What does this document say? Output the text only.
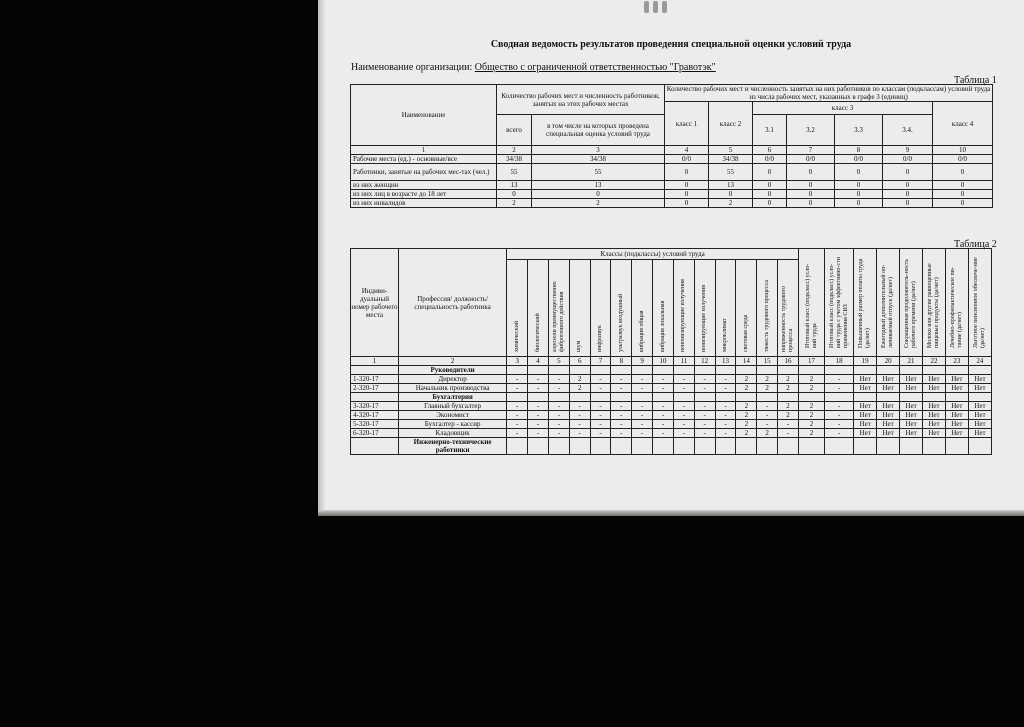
Сводная ведомость результатов проведения специальной оценки условий труда
Наименование организации: Общество с ограниченной ответственностью "Гравотэк"
Таблица 1
Наименование	Количество рабочих мест и численность работников, занятых на этих рабочих местах		Количество рабочих мест и численность занятых на них работников по классам (подклассам) условий труда из числа рабочих мест, указанных в графе 3 (единиц)						
			класс 1	класс 2	класс 3				класс 4
	всего	в том числе на которых проведена специальная оценка условий труда			3.1	3.2	3.3	3.4.	
1	2	3	4	5	6	7	8	9	10
Рабочие места (ед.) - основные/все	34/38	34/38	0/0	34/38	0/0	0/0	0/0	0/0	0/0
Работники, занятые на рабочих мес-тах (чел.)	55	55	0	55	0	0	0	0	0
из них женщин	13	13	0	13	0	0	0	0	0
из них лиц в возрасте до 18 лет	0	0	0	0	0	0	0	0	0
из них инвалидов	2	2	0	2	0	0	0	0	0
Таблица 2
Индиви-дуальный номер рабочего места	Профессия/ должность/ специальность работника	Классы (подклассы) условий труда														Итоговый класс (подкласс) усло-вий труда	Итоговый класс (подкласс) усло-вий труда с учетом эффективно-сти применения СИЗ	Повышенный размер оплаты труда (да/нет)	Ежегодный дополнительный оп-лачиваемый отпуск (да/нет)	Сокращенная продолжитель-ность рабочего времени (да/нет)	Молоко или другие равноценные пищевые продукты (да/нет)	Лечебно-профилактическое пи-тание (да/нет)	Льготное пенсионное обеспече-ние (да/нет)
		химический	биологический	аэрозоли преимущественно фиброгенного действия	шум	инфразвук	ультразвук воздушный	вибрация общая	вибрация локальная	неионизирующие излучения	ионизирующие излучения	микроклимат	световая среда	тяжесть трудового процесса	напряженность трудового процесса								
1	2	3	4	5	6	7	8	9	10	11	12	13	14	15	16	17	18	19	20	21	22	23	24
	Руководители																						
1-320-17	Директор	-	-	-	2	-	-	-	-	-	-	-	2	2	2	2	-	Нет	Нет	Нет	Нет	Нет	Нет
2-320-17	Начальник производства	-	-	-	2	-	-	-	-	-	-	-	2	2	2	2	-	Нет	Нет	Нет	Нет	Нет	Нет
	Бухгалтерия																						
3-320-17	Главный бухгалтер	-	-	-	-	-	-	-	-	-	-	-	2	-	2	2	-	Нет	Нет	Нет	Нет	Нет	Нет
4-320-17	Экономист	-	-	-	-	-	-	-	-	-	-	-	2	-	2	2	-	Нет	Нет	Нет	Нет	Нет	Нет
5-320-17	Бухгалтер - кассир	-	-	-	-	-	-	-	-	-	-	-	2	-	-	2	-	Нет	Нет	Нет	Нет	Нет	Нет
6-320-17	Кладовщик	-	-	-	-	-	-	-	-	-	-	-	2	2	-	2	-	Нет	Нет	Нет	Нет	Нет	Нет
	Инженерно-технические работники																						
